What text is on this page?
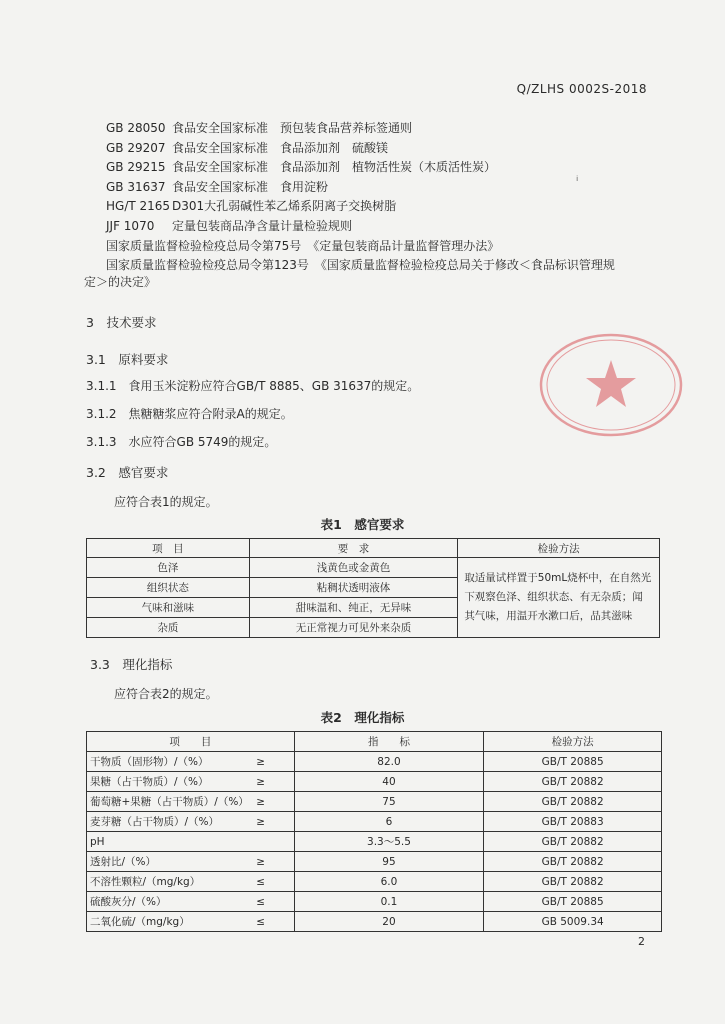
Q/ZLHS 0002S-2018
GB 28050 食品安全国家标准　预包装食品营养标签通则
GB 29207 食品安全国家标准　食品添加剂　硫酸镁
GB 29215 食品安全国家标准　食品添加剂　植物活性炭（木质活性炭）
GB 31637 食品安全国家标准　食用淀粉
HG/T 2165 D301大孔弱碱性苯乙烯系阴离子交换树脂
JJF 1070	定量包装商品净含量计量检验规则
国家质量监督检验检疫总局令第75号　《定量包装商品计量监督管理办法》
国家质量监督检验检疫总局令第123号　《国家质量监督检验检疫总局关于修改＜食品标识管理规
定＞的决定》
ᵢ
3　技术要求
3.1　原料要求
3.1.1　食用玉米淀粉应符合GB/T 8885、GB 31637的规定。
3.1.2　焦糖糖浆应符合附录A的规定。
3.1.3　水应符合GB 5749的规定。
3.2　感官要求
应符合表1的规定。
表1　感官要求
项　目	要　求	检验方法
色泽	浅黄色或金黄色	取适量试样置于50mL烧杯中，在自然光下观察色泽、组织状态、有无杂质；闻其气味，用温开水漱口后，品其滋味
组织状态	粘稠状透明液体	
气味和滋味	甜味温和、纯正，无异味	
杂质	无正常视力可见外来杂质	
3.3　理化指标
应符合表2的规定。
表2　理化指标
项　　目		指　　标	检验方法
干物质（固形物）/（%）	≥	82.0	GB/T 20885
果糖（占干物质）/（%）	≥	40	GB/T 20882
葡萄糖+果糖（占干物质）/（%）	≥	75	GB/T 20882
麦芽糖（占干物质）/（%）	≥	6	GB/T 20883
pH		3.3～5.5	GB/T 20882
透射比/（%）	≥	95	GB/T 20882
不溶性颗粒/（mg/kg）	≤	6.0	GB/T 20882
硫酸灰分/（%）	≤	0.1	GB/T 20885
二氧化硫/（mg/kg）	≤	20	GB 5009.34
2
